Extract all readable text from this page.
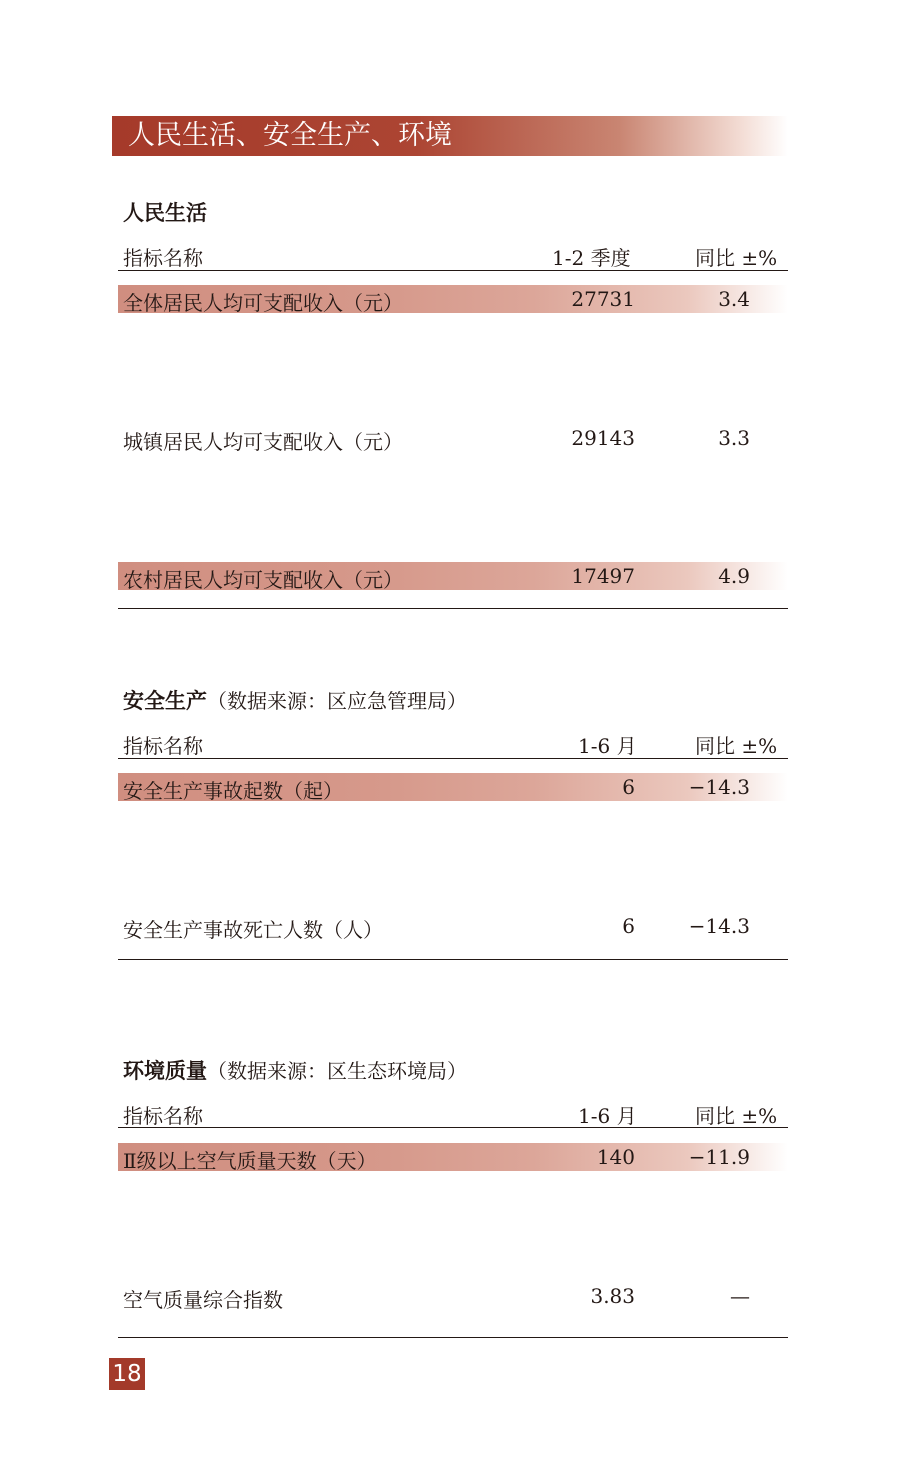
人民生活、安全生产、环境
人民生活
指标名称	1-2 季度	同比 ±%
全体居民人均可支配收入（元）	27731	3.4
城镇居民人均可支配收入（元）	29143	3.3
农村居民人均可支配收入（元）	17497	4.9
安全生产（数据来源：区应急管理局）
指标名称	1-6 月	同比 ±%
安全生产事故起数（起）	6	−14.3
安全生产事故死亡人数（人）	6	−14.3
环境质量（数据来源：区生态环境局）
指标名称	1-6 月	同比 ±%
Ⅱ级以上空气质量天数（天）	140	−11.9
空气质量综合指数	3.83	—
18
